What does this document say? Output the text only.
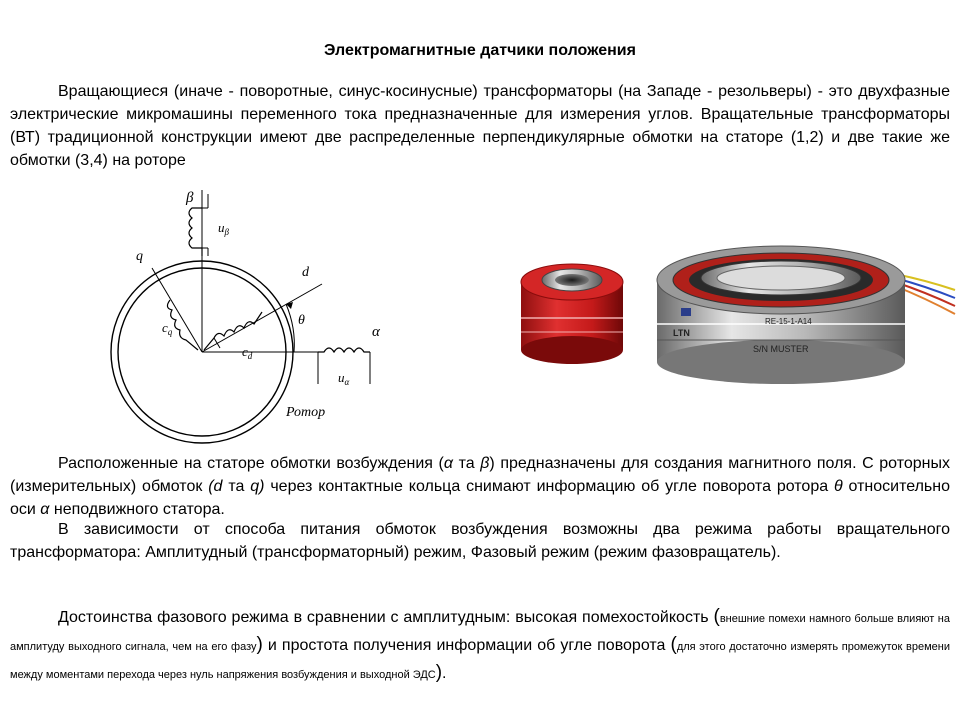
Электромагнитные датчики положения

Вращающиеся (иначе - поворотные, синус-косинусные) трансформаторы (на Западе - резольверы) - это двухфазные электрические микромашины переменного тока предназначенные для измерения углов. Вращательные трансформаторы (ВТ) традиционной конструкции имеют две распределенные перпендикулярные обмотки на статоре (1,2) и две такие же обмотки (3,4) на роторе

β
$u_\beta$
q
d
θ
α
$c_q$
$c_d$
$u_\alpha$
Ротор
LTN
RE-15-1-A14
S/N MUSTER

Расположенные на статоре обмотки возбуждения (α та β) предназначены для создания магнитного поля. С роторных (измерительных) обмоток (d та q) через контактные кольца снимают информацию об угле поворота ротора θ относительно оси α неподвижного статора.

В зависимости от способа питания обмоток возбуждения возможны два режима работы вращательного трансформатора: Амплитудный (трансформаторный) режим, Фазовый режим (режим фазовращатель).

Достоинства фазового режима в сравнении с амплитудным: высокая помехостойкость (внешние помехи намного больше влияют на амплитуду выходного сигнала, чем на его фазу) и простота получения информации об угле поворота (для этого достаточно измерять промежуток времени между моментами перехода через нуль напряжения возбуждения и выходной ЭДС).
